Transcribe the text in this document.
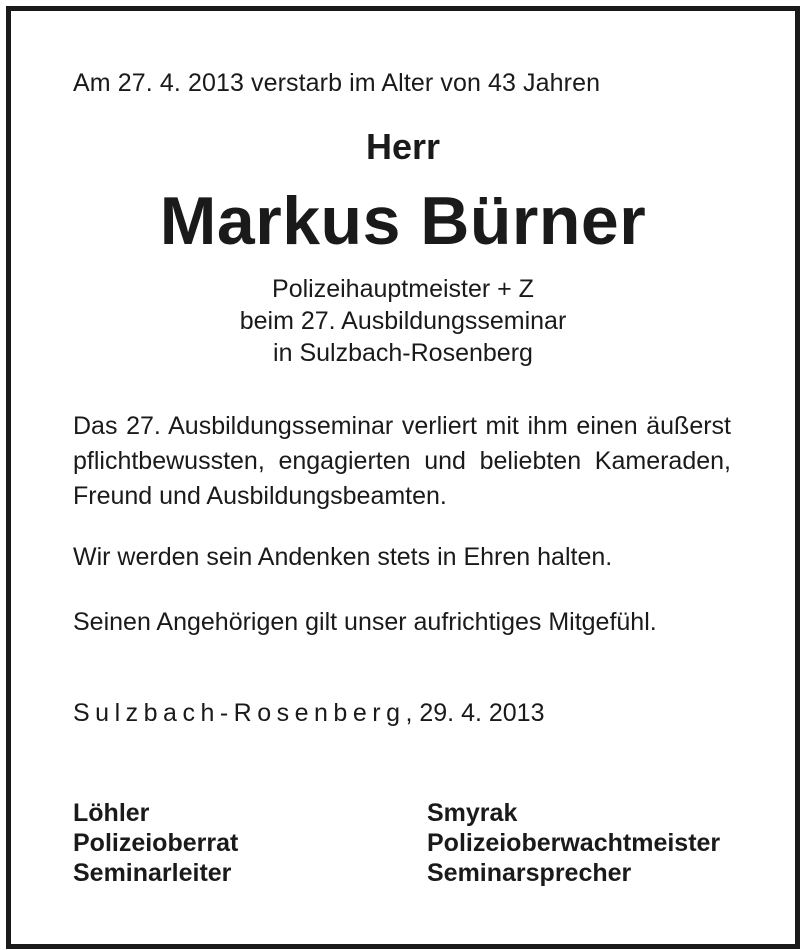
Am 27. 4. 2013 verstarb im Alter von 43 Jahren
Herr
Markus Bürner
Polizeihauptmeister + Z
beim 27. Ausbildungsseminar
in Sulzbach-Rosenberg
Das 27. Ausbildungsseminar verliert mit ihm einen äußerst pflichtbewussten, engagierten und beliebten Kameraden, Freund und Ausbildungsbeamten.
Wir werden sein Andenken stets in Ehren halten.
Seinen Angehörigen gilt unser aufrichtiges Mitgefühl.
Sulzbach-Rosenberg, 29. 4. 2013
Löhler
Polizeioberrat
Seminarleiter
Smyrak
Polizeioberwachtmeister
Seminarsprecher
